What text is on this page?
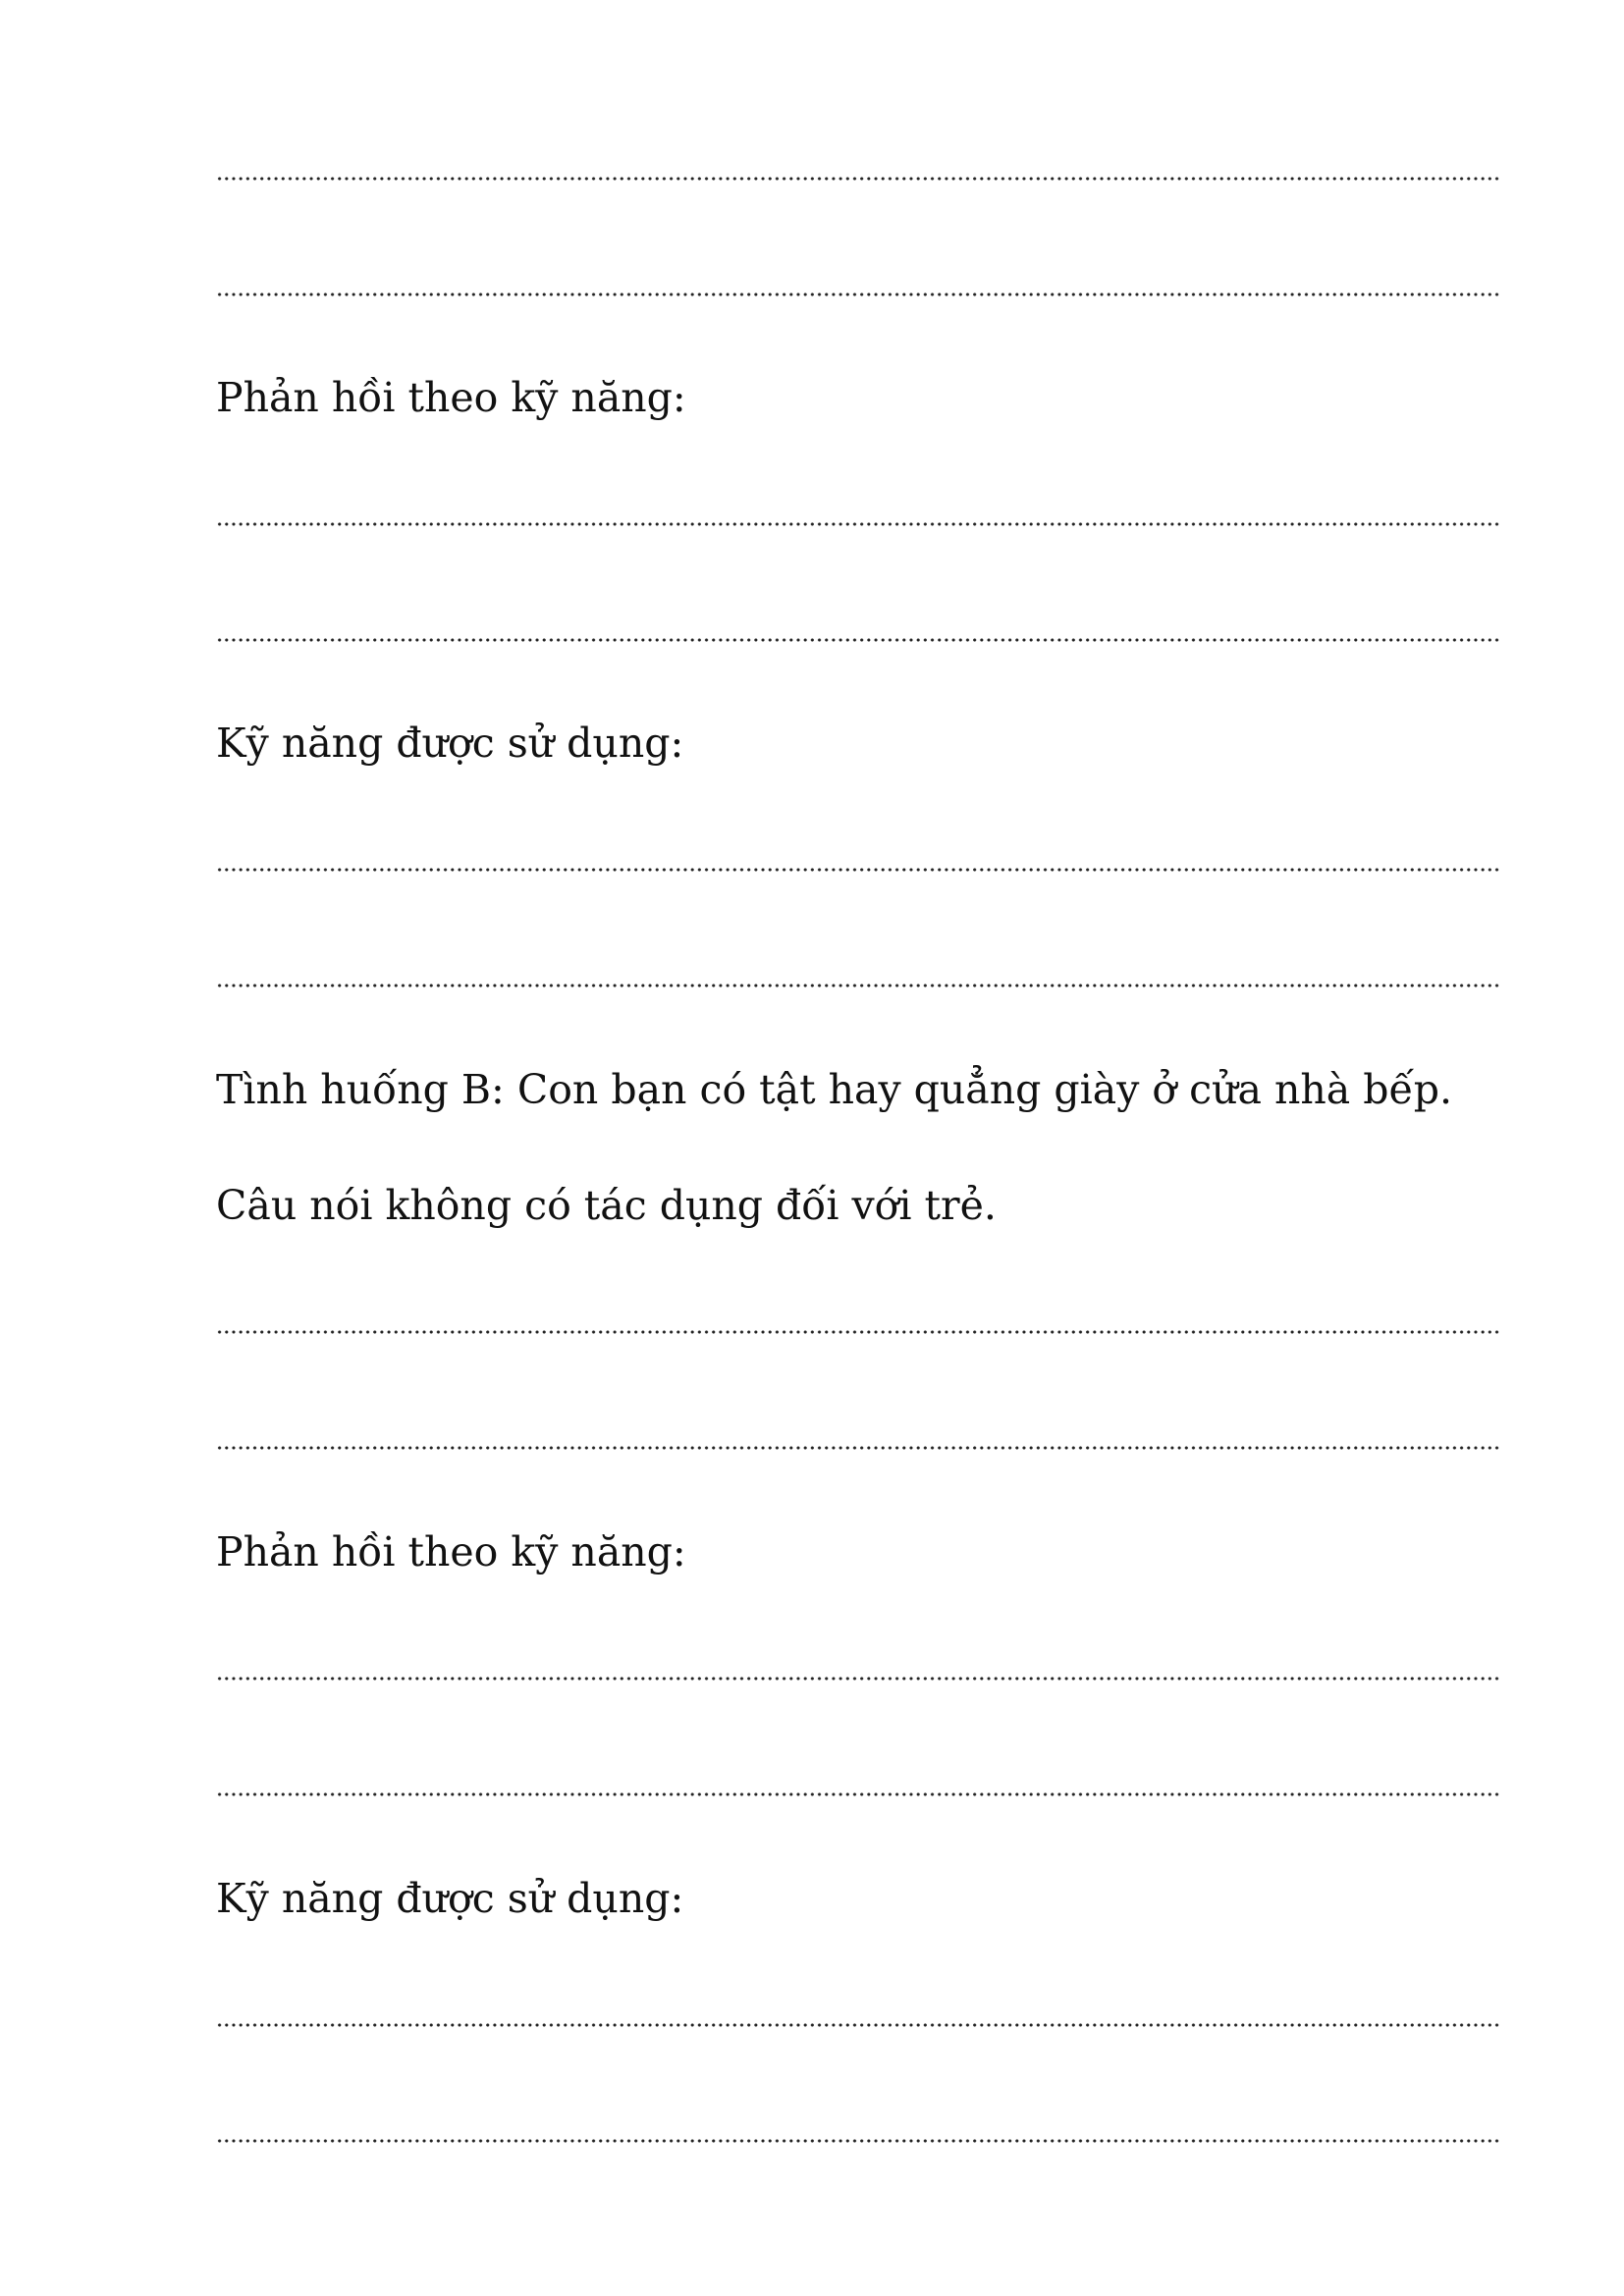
Phản hồi theo kỹ năng:
Kỹ năng được sử dụng:
Tình huống B: Con bạn có tật hay quẳng giày ở cửa nhà bếp.
Câu nói không có tác dụng đối với trẻ.
Phản hồi theo kỹ năng:
Kỹ năng được sử dụng:
